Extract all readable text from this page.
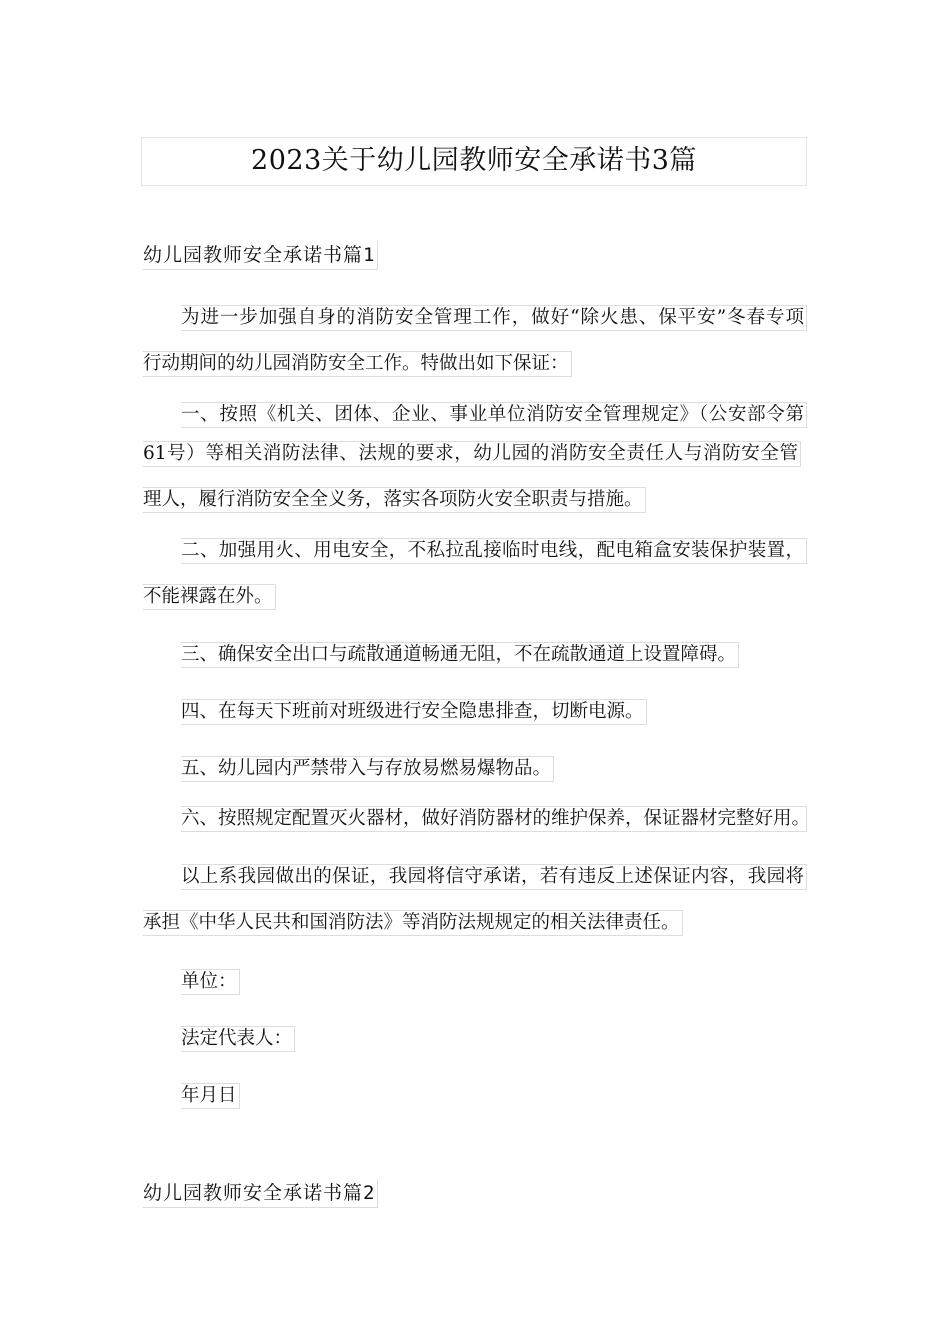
2023关于幼儿园教师安全承诺书3篇
幼儿园教师安全承诺书篇1
为进一步加强自身的消防安全管理工作，做好“除火患、保平安”冬春专项
行动期间的幼儿园消防安全工作。特做出如下保证：
一、按照《机关、团体、企业、事业单位消防安全管理规定》（公安部令第
61号）等相关消防法律、法规的要求，幼儿园的消防安全责任人与消防安全管
理人，履行消防安全全义务，落实各项防火安全职责与措施。
二、加强用火、用电安全，不私拉乱接临时电线，配电箱盒安装保护装置，
不能裸露在外。
三、确保安全出口与疏散通道畅通无阻，不在疏散通道上设置障碍。
四、在每天下班前对班级进行安全隐患排查，切断电源。
五、幼儿园内严禁带入与存放易燃易爆物品。
六、按照规定配置灭火器材，做好消防器材的维护保养，保证器材完整好用。
以上系我园做出的保证，我园将信守承诺，若有违反上述保证内容，我园将
承担《中华人民共和国消防法》等消防法规规定的相关法律责任。
单位：
法定代表人：
年月日
幼儿园教师安全承诺书篇2
